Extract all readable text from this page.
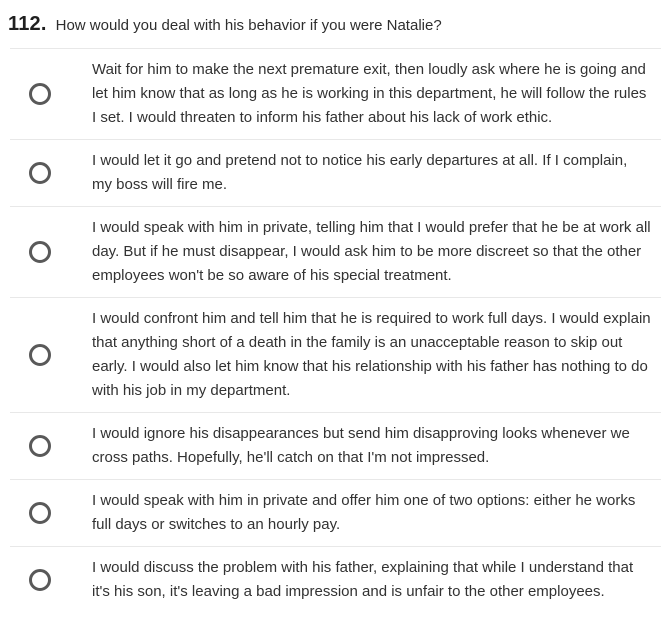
112. How would you deal with his behavior if you were Natalie?
Wait for him to make the next premature exit, then loudly ask where he is going and let him know that as long as he is working in this department, he will follow the rules I set. I would threaten to inform his father about his lack of work ethic.
I would let it go and pretend not to notice his early departures at all. If I complain, my boss will fire me.
I would speak with him in private, telling him that I would prefer that he be at work all day. But if he must disappear, I would ask him to be more discreet so that the other employees won't be so aware of his special treatment.
I would confront him and tell him that he is required to work full days. I would explain that anything short of a death in the family is an unacceptable reason to skip out early. I would also let him know that his relationship with his father has nothing to do with his job in my department.
I would ignore his disappearances but send him disapproving looks whenever we cross paths. Hopefully, he'll catch on that I'm not impressed.
I would speak with him in private and offer him one of two options: either he works full days or switches to an hourly pay.
I would discuss the problem with his father, explaining that while I understand that it's his son, it's leaving a bad impression and is unfair to the other employees.
